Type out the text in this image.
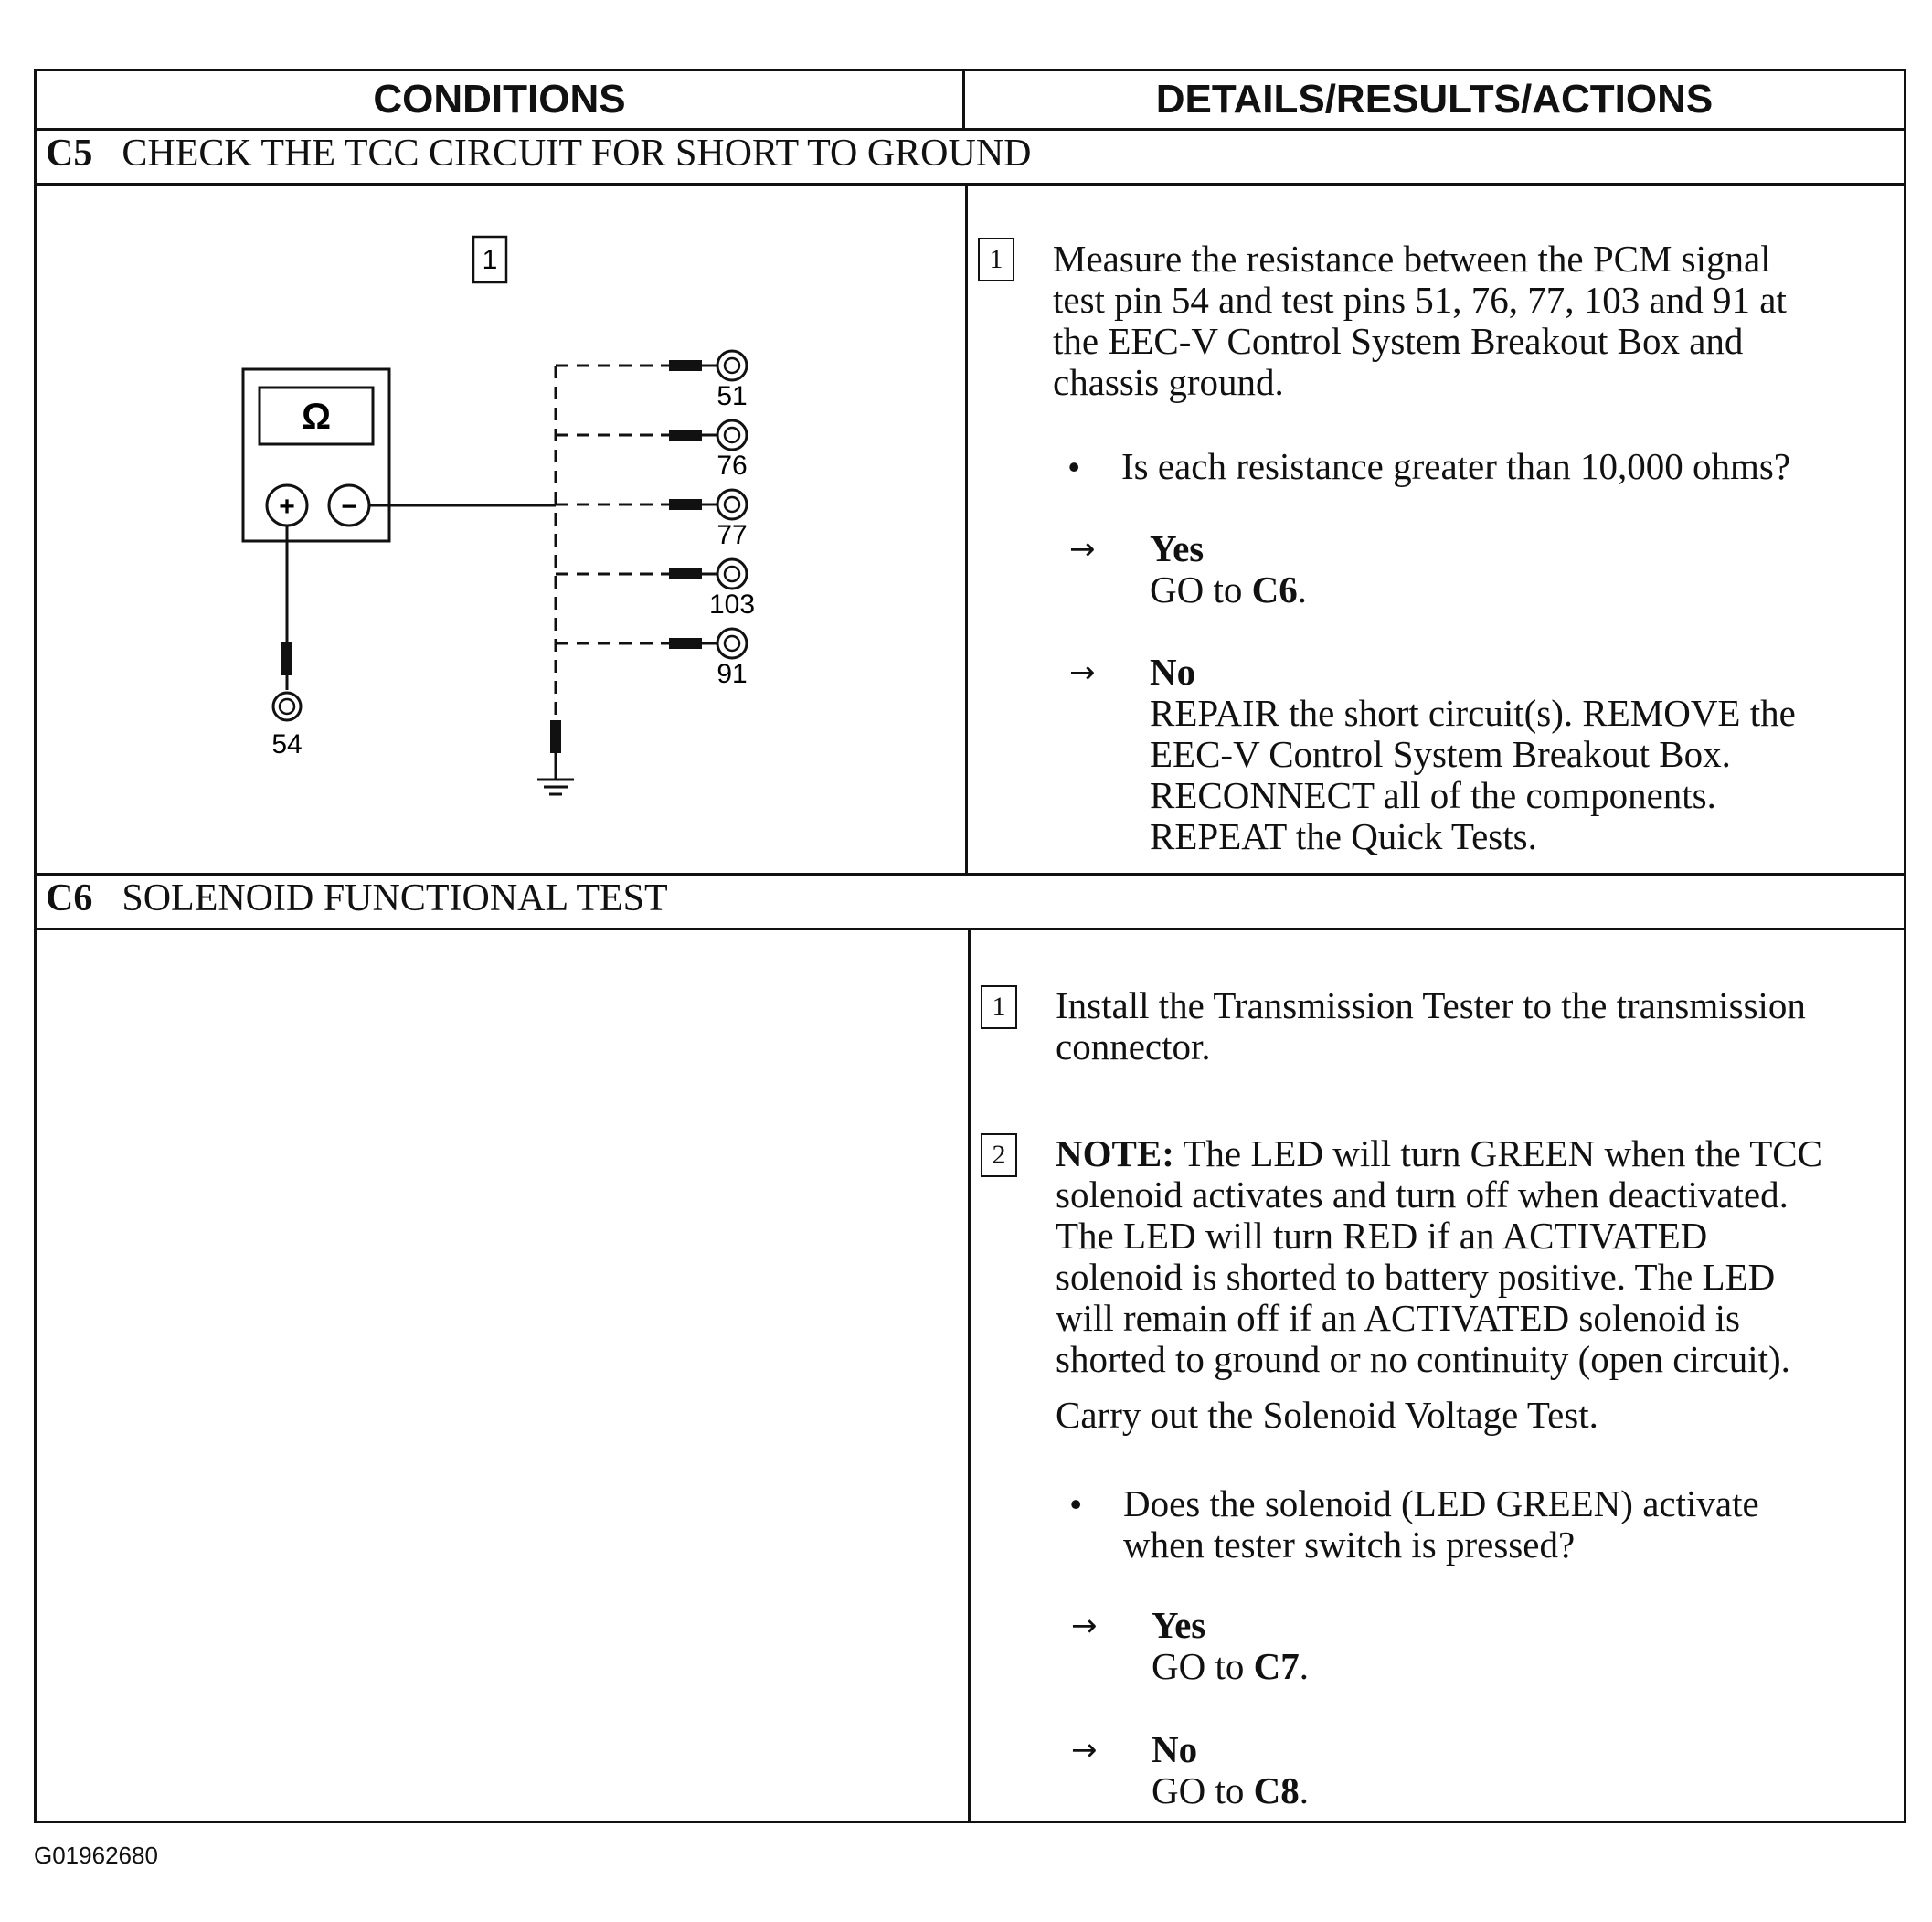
CONDITIONS	DETAILS/RESULTS/ACTIONS
C5 CHECK THE TCC CIRCUIT FOR SHORT TO GROUND
1
Ω
+ −
54
51
76
77
103
91
1	Measure the resistance between the PCM signal
test pin 54 and test pins 51, 76, 77, 103 and 91 at
the EEC-V Control System Breakout Box and
chassis ground.
• Is each resistance greater than 10,000 ohms?
→ Yes
GO to C6.
→ No
REPAIR the short circuit(s). REMOVE the
EEC-V Control System Breakout Box.
RECONNECT all of the components.
REPEAT the Quick Tests.
C6 SOLENOID FUNCTIONAL TEST
1	Install the Transmission Tester to the transmission
connector.
2	NOTE: The LED will turn GREEN when the TCC
solenoid activates and turn off when deactivated.
The LED will turn RED if an ACTIVATED
solenoid is shorted to battery positive. The LED
will remain off if an ACTIVATED solenoid is
shorted to ground or no continuity (open circuit).
Carry out the Solenoid Voltage Test.
• Does the solenoid (LED GREEN) activate
when tester switch is pressed?
→ Yes
GO to C7.
→ No
GO to C8.
G01962680
